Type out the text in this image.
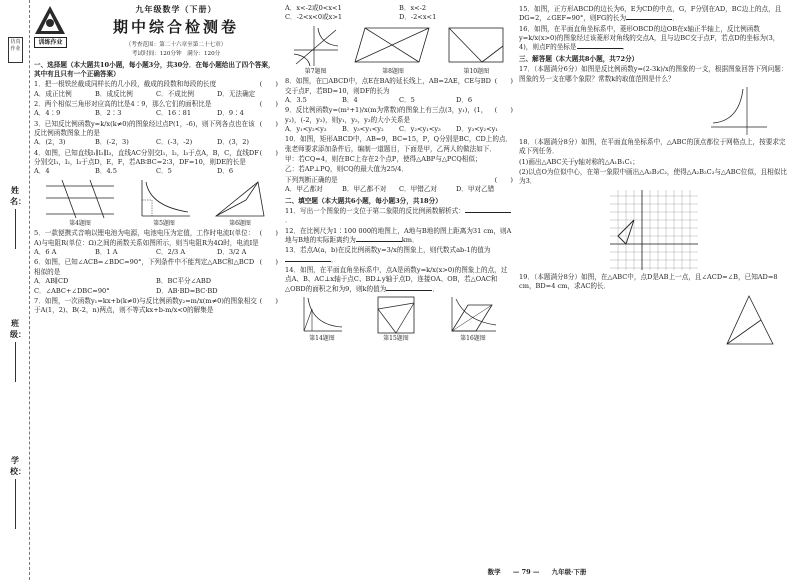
仿真作业
姓名：
班级：
学校：
训练作业
九年级数学（下册）
期中综合检测卷
（考查范围：第二十六章至第二十七章）
考试时间：120分钟　满分：120分
一、选择题（本大题共10小题，每小题3分，共30分．在每小题给出了四个答案，其中有且只有一个正确答案）
(　　)
1．把一根铁丝截成同样长的几小段，截成的段数和每段的长度
A．成正比例	B．成反比例	C．不成比例	D．无法确定
(　　)
2．两个相似三角形对应高的比是4∶9，那么它们的面积比是
A．4∶9	B．2∶3	C．16∶81	D．9∶4
(　　)
3．已知反比例函数y=k/x(k≠0)的图象经过点P(1，-6)，则下列各点也在该反比例函数图象上的是
A．(2，3)	B．(-2，3)	C．(-3，-2)	D．(3，2)
(　　)
4．如图，已知直线l₁∥l₂∥l₃，直线AC分别交l₁，l₂，l₃于点A，B，C，直线DF分别交l₁，l₂，l₃于点D，E，F，若AB∶BC=2∶3，DF=10，则DE的长是
A．4	B．4.5	C．5	D．6
第4题图	第5题图	第6题图
(　　)
5．一款便携式音响以锂电池为电源，电池电压为定值，工作时电流I(单位：A)与电阻R(单位：Ω)之间的函数关系如图所示，则当电阻R为4Ω时，电流I是
A．6 A	B．1 A	C．2/3 A	D．3/2 A
(　　)
6．如图，已知∠ACB=∠BDC=90°，下列条件中不能判定△ABC和△BCD相似的是
A．AB∥CD	B．BC平分∠ABD
C．∠ABC+∠DBC=90°	D．AB·BD=BC·BD
(　　)
7．如图，一次函数y₁=kx+b(k≠0)与反比例函数y₂=m/x(m≠0)的图象相交于A(1，2)、B(-2，n)两点，则不等式kx+b-m/x<0的解集是
A．x<-2或0<x<1	B．x<-2
C．-2<x<0或x>1	D．-2<x<1
第7题图	第8题图	第10题图
(　　)
8．如图，在□ABCD中，点E在BA的延长线上，AB=2AE，CE与BD交于点F，若BD=10，则DF的长为
A．3.5	B．4	C．5	D．6
(　　)
9．反比例函数y=(m²+1)/x(m为常数)的图象上有三点(3，y₁)，(1，y₂)，(-2，y₃)，则y₁，y₂，y₃的大小关系是
A．y₁<y₂<y₃	B．y₃<y₁<y₂	C．y₂<y₁<y₃	D．y₃<y₂<y₁
10．如图，矩形ABCD中，AB=9，BC=15，P，Q分别是BC，CD上的点．张老师要求添加条件后，编制一道题目，下面是甲，乙两人的做法如下．
甲：若CQ=4，则在BC上存在2个点P，使得△ABP与△PCQ相似；
乙：若AP⊥PQ，则CQ的最大值为25/4．
(　　)
下列判断正确的是
A．甲乙都对	B．甲乙都不对	C．甲错乙对	D．甲对乙错
二、填空题（本大题共6小题，每小题3分，共18分）
11．写出一个图象的一支位于第二象限的反比例函数解析式：．
12．在比例尺为1∶100 000的地图上，A地与B地的图上距离为31 cm，则A地与B地的实际距离约为	km．
13．若点A(a，b)在反比例函数y=3/x的图象上，则代数式ab-1的值为．
14．如图，在平面直角坐标系中，点A是函数y=k/x(x>0)的图象上的点，过点A、B、AC⊥x轴于点C、BD⊥y轴于点D，连接OA、OB，若△OAC和△OBD的面积之和为9，则k的值为	．
第14题图	第15题图	第16题图
15．如图，正方形ABCD的边长为6，E为CD的中点，G，F分别在AD，BC边上的点，且DG=2，∠GEF=90°，则FG的长为	．
16．如图，在平面直角坐标系中，菱形OBCD的边OB在x轴正半轴上，反比例函数y=k/x(x>0)的图象经过该菱形对角线的交点A，且与边BC交于点F，若点D的坐标为(3，4)，则点F的坐标是	．
三、解答题（本大题共8小题，共72分）
17．（本题满分6分）如图是反比例函数y=(2-3k)/x的图象的一支，根据图象回答下列问题：图象的另一支在哪个象限？常数k的取值范围是什么？
18．（本题满分8分）如图，在平面直角坐标系中，△ABC的顶点都位于网格点上，按要求完成下列任务．
(1)画出△ABC关于y轴对称的△A₁B₁C₁；
(2)以点O为位似中心，在第一象限中画出△A₂B₂C₂，使得△A₂B₂C₂与△ABC位似，且相似比为3．
19．（本题满分8分）如图，在△ABC中，点D是AB上一点，且∠ACD=∠B，已知AD=8 cm，BD=4 cm，求AC的长．
数学 — 79 — 九年级·下册
